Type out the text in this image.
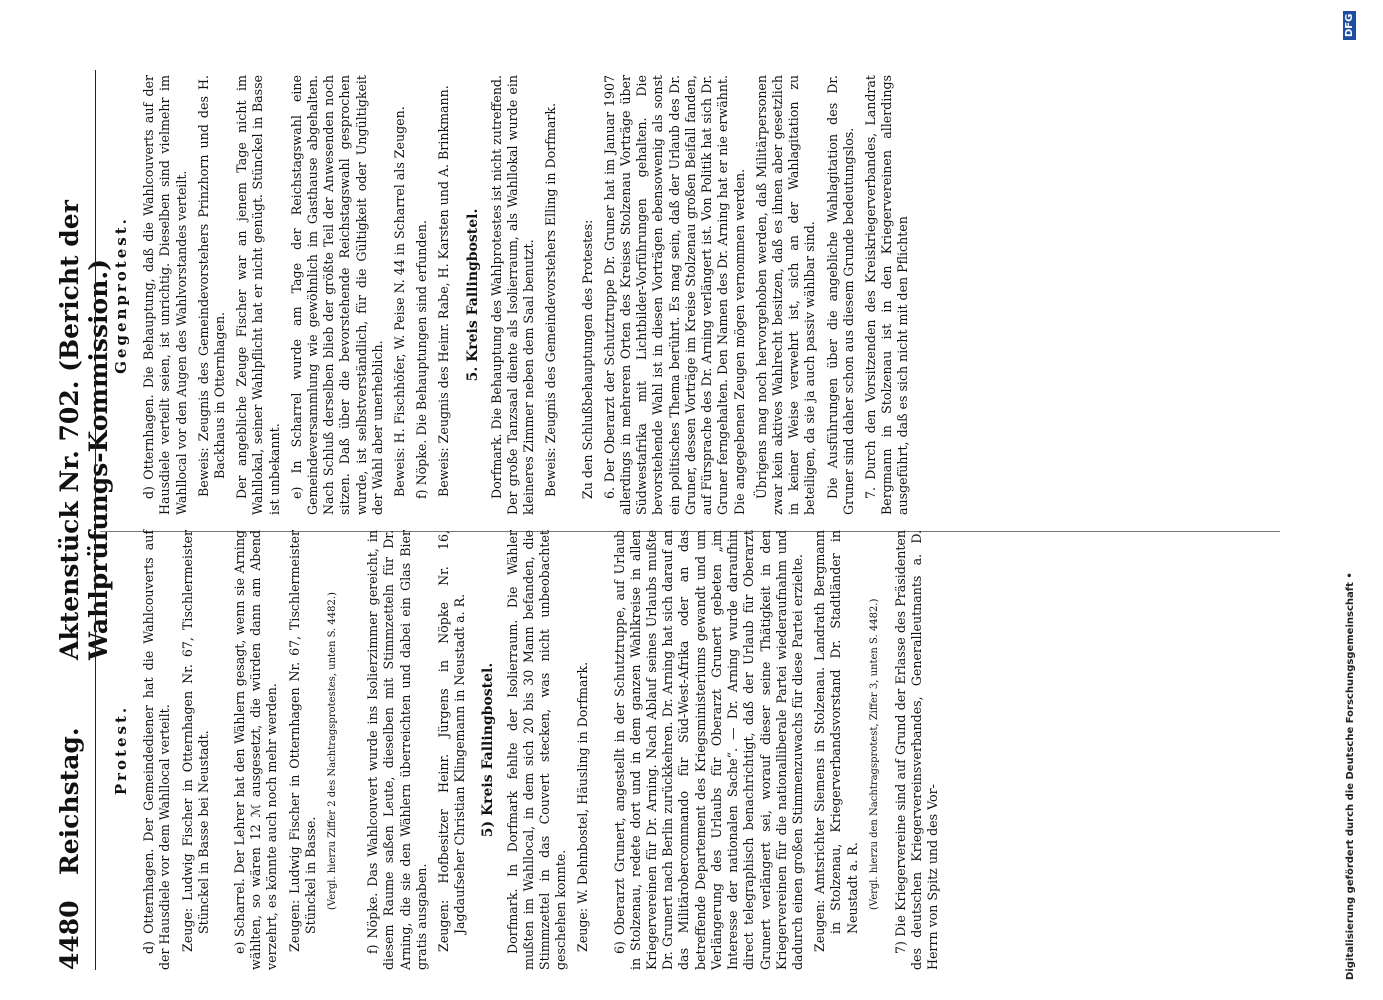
4480
Reichstag.
Aktenstück Nr. 702. (Bericht der Wahlprüfungs-Kommission.)
Protest. d) Otternhagen. Der Gemeindediener hat die Wahlcouverts auf der Hausdiele vor dem Wahllocal verteilt. Zeuge: Ludwig Fischer in Otternhagen Nr. 67, Tischlermeister Stünckel in Basse bei Neustadt. e) Scharrel. Der Lehrer hat den Wählern gesagt, wenn sie Arning wählten, so wären 12 ℳ ausgesetzt, die würden dann am Abend verzehrt, es könnte auch noch mehr werden. Zeugen: Ludwig Fischer in Otternhagen Nr. 67, Tischlermeister Stünckel in Basse. (Vergl. hierzu Ziffer 2 des Nachtragsprotestes, unten S. 4482.) f) Nöpke. Das Wahlcouvert wurde ins Isolierzimmer gereicht, in diesem Raume saßen Leute, dieselben mit Stimmzetteln für Dr. Arning, die sie den Wählern überreichten und dabei ein Glas Bier gratis ausgaben. Zeugen: Hofbesitzer Heinr. Jürgens in Nöpke Nr. 16, Jagdaufseher Christian Klingemann in Neustadt a. R. 5) Kreis Fallingbostel. Dorfmark. In Dorfmark fehlte der Isolierraum. Die Wähler mußten im Wahllocal, in dem sich 20 bis 30 Mann befanden, die Stimmzettel in das Couvert stecken, was nicht unbeobachtet geschehen konnte. Zeuge: W. Dehnbostel, Häusling in Dorfmark. 6) Oberarzt Grunert, angestellt in der Schutztruppe, auf Urlaub in Stolzenau, redete dort und in dem ganzen Wahlkreise in allen Kriegervereinen für Dr. Arning. Nach Ablauf seines Urlaubs mußte Dr. Grunert nach Berlin zurückkehren. Dr. Arning hat sich darauf an das Militärobercommando für Süd-West-Afrika oder an das betreffende Departement des Kriegsministeriums gewandt und um Verlängerung des Urlaubs für Oberarzt Grunert gebeten „im Interesse der nationalen Sache“. — Dr. Arning wurde daraufhin direct telegraphisch benachrichtigt, daß der Urlaub für Oberarzt Grunert verlängert sei, worauf dieser seine Thätigkeit in den Kriegervereinen für die nationalliberale Partei wiederaufnahm und dadurch einen großen Stimmenzuwachs für diese Partei erzielte. Zeugen: Amtsrichter Siemens in Stolzenau. Landrath Bergmann in Stolzenau, Kriegerverbandsvorstand Dr. Stadtländer in Neustadt a. R. (Vergl. hierzu den Nachtragsprotest, Ziffer 3, unten S. 4482.) 7) Die Kriegervereine sind auf Grund der Erlasse des Präsidenten des deutschen Kriegervereinsverbandes, Generalleutnants a. D. Herrn von Spitz und des Vor-

Gegenprotest. d) Otternhagen. Die Behauptung, daß die Wahlcouverts auf der Hausdiele verteilt seien, ist unrichtig. Dieselben sind vielmehr im Wahllocal vor den Augen des Wahlvorstandes verteilt. Beweis: Zeugnis des Gemeindevorstehers Prinzhorn und des H. Backhaus in Otternhagen. Der angebliche Zeuge Fischer war an jenem Tage nicht im Wahllokal, seiner Wahlpflicht hat er nicht genügt. Stünckel in Basse ist unbekannt. e) In Scharrel wurde am Tage der Reichstagswahl eine Gemeindeversammlung wie gewöhnlich im Gasthause abgehalten. Nach Schluß derselben blieb der größte Teil der Anwesenden noch sitzen. Daß über die bevorstehende Reichstagswahl gesprochen wurde, ist selbstverständlich, für die Gültigkeit oder Ungültigkeit der Wahl aber unerheblich. Beweis: H. Fischhöfer, W. Peise N. 44 in Scharrel als Zeugen. f) Nöpke. Die Behauptungen sind erfunden. Beweis: Zeugnis des Heinr. Rabe, H. Karsten und A. Brinkmann. 5. Kreis Fallingbostel. Dorfmark. Die Behauptung des Wahlprotestes ist nicht zutreffend. Der große Tanzsaal diente als Isolierraum, als Wahllokal wurde ein kleineres Zimmer neben dem Saal benutzt. Beweis: Zeugnis des Gemeindevorstehers Elling in Dorfmark. Zu den Schlußbehauptungen des Protestes: 6. Der Oberarzt der Schutztruppe Dr. Gruner hat im Januar 1907 allerdings in mehreren Orten des Kreises Stolzenau Vorträge über Südwestafrika mit Lichtbilder-Vorführungen gehalten. Die bevorstehende Wahl ist in diesen Vorträgen ebensowenig als sonst ein politisches Thema berührt. Es mag sein, daß der Urlaub des Dr. Gruner, dessen Vorträge im Kreise Stolzenau großen Beifall fanden, auf Fürsprache des Dr. Arning verlängert ist. Von Politik hat sich Dr. Gruner ferngehalten. Den Namen des Dr. Arning hat er nie erwähnt. Die angegebenen Zeugen mögen vernommen werden. Übrigens mag noch hervorgehoben werden, daß Militärpersonen zwar kein aktives Wahlrecht besitzen, daß es ihnen aber gesetzlich in keiner Weise verwehrt ist, sich an der Wahlagitation zu beteiligen, da sie ja auch passiv wählbar sind. Die Ausführungen über die angebliche Wahlagitation des Dr. Gruner sind daher schon aus diesem Grunde bedeutungslos. 7. Durch den Vorsitzenden des Kreiskriegerverbandes, Landrat Bergmann in Stolzenau ist in den Kriegervereinen allerdings ausgeführt, daß es sich nicht mit den Pflichten

Digitalisierung gefördert durch die Deutsche Forschungsgemeinschaft •
DFG
